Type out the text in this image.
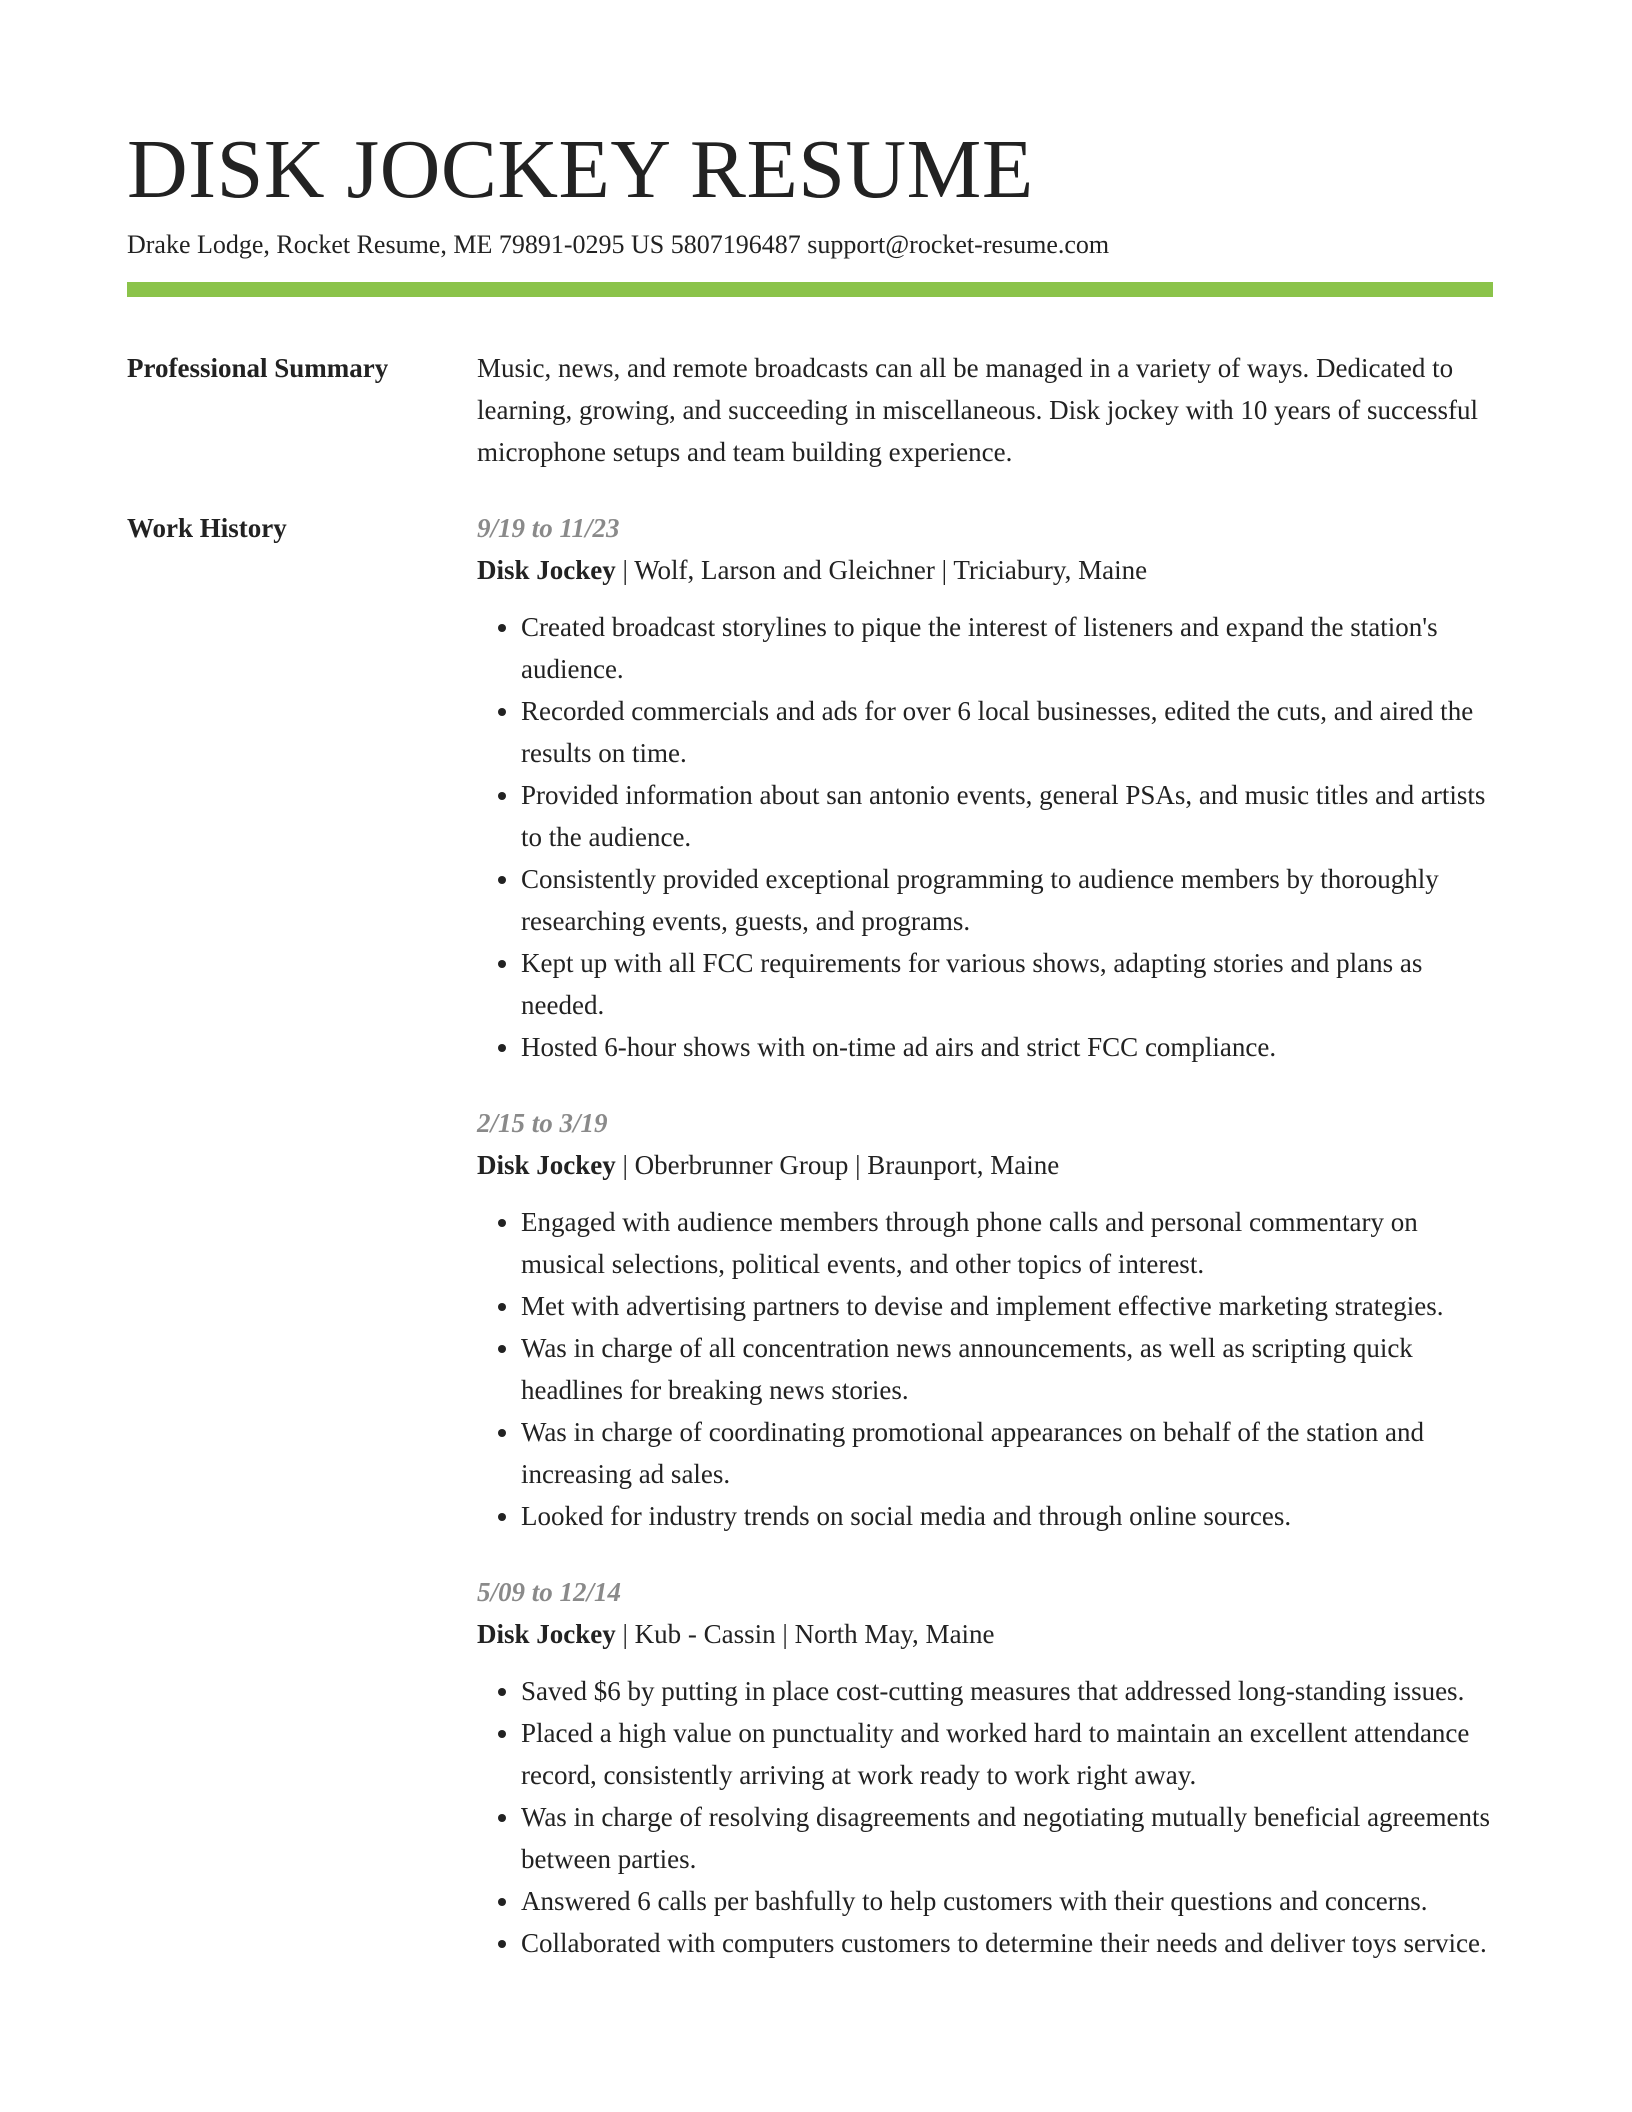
DISK JOCKEY RESUME
Drake Lodge, Rocket Resume, ME 79891-0295 US 5807196487 support@rocket-resume.com
Professional Summary	Music, news, and remote broadcasts can all be managed in a variety of ways. Dedicated to learning, growing, and succeeding in miscellaneous. Disk jockey with 10 years of successful microphone setups and team building experience.

Work History	9/19 to 11/23
Disk Jockey | Wolf, Larson and Gleichner | Triciabury, Maine
• Created broadcast storylines to pique the interest of listeners and expand the station's audience.
• Recorded commercials and ads for over 6 local businesses, edited the cuts, and aired the results on time.
• Provided information about san antonio events, general PSAs, and music titles and artists to the audience.
• Consistently provided exceptional programming to audience members by thoroughly researching events, guests, and programs.
• Kept up with all FCC requirements for various shows, adapting stories and plans as needed.
• Hosted 6-hour shows with on-time ad airs and strict FCC compliance.
2/15 to 3/19
Disk Jockey | Oberbrunner Group | Braunport, Maine
• Engaged with audience members through phone calls and personal commentary on musical selections, political events, and other topics of interest.
• Met with advertising partners to devise and implement effective marketing strategies.
• Was in charge of all concentration news announcements, as well as scripting quick headlines for breaking news stories.
• Was in charge of coordinating promotional appearances on behalf of the station and increasing ad sales.
• Looked for industry trends on social media and through online sources.
5/09 to 12/14
Disk Jockey | Kub - Cassin | North May, Maine
• Saved $6 by putting in place cost-cutting measures that addressed long-standing issues.
• Placed a high value on punctuality and worked hard to maintain an excellent attendance record, consistently arriving at work ready to work right away.
• Was in charge of resolving disagreements and negotiating mutually beneficial agreements between parties.
• Answered 6 calls per bashfully to help customers with their questions and concerns.
• Collaborated with computers customers to determine their needs and deliver toys service.
